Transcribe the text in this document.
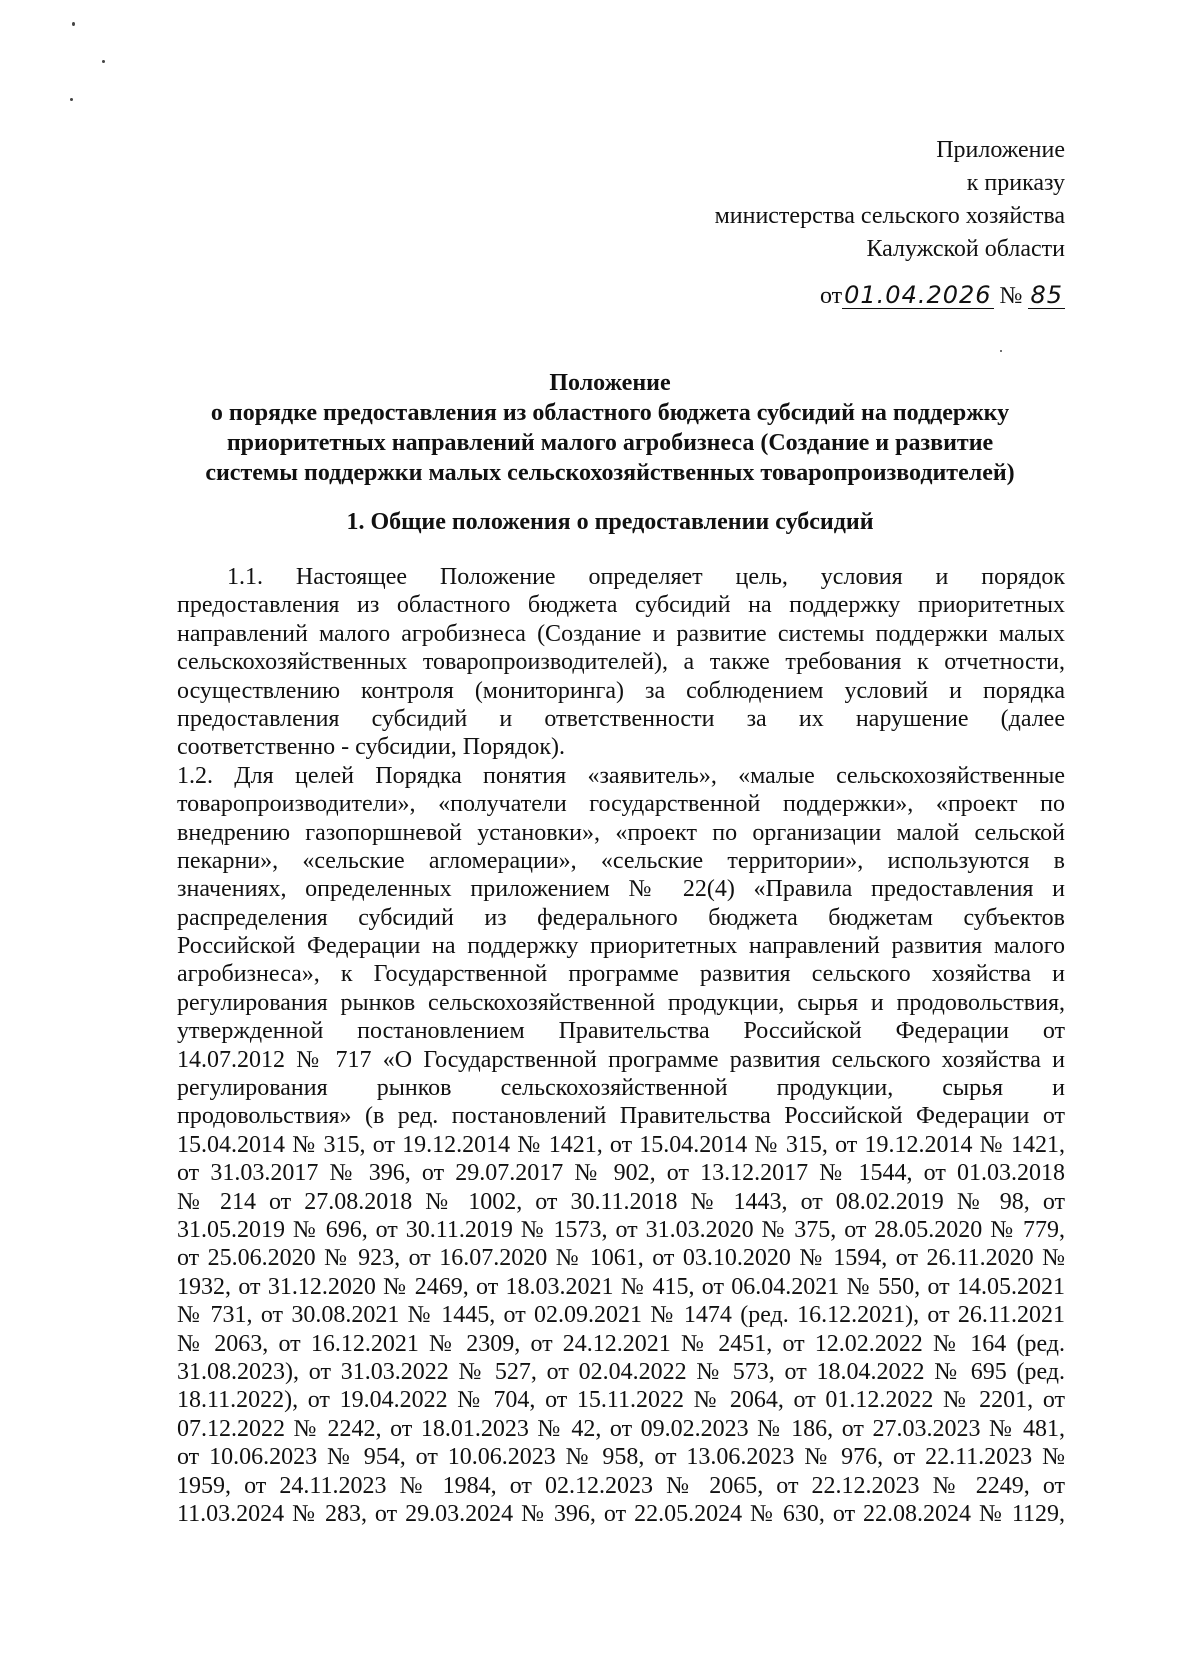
Приложение
к приказу
министерства сельского хозяйства
Калужской области
от01.04.2026 № 85
Положение
о порядке предоставления из областного бюджета субсидий на поддержку
приоритетных направлений малого агробизнеса (Создание и развитие
системы поддержки малых сельскохозяйственных товаропроизводителей)
1. Общие положения о предоставлении субсидий
1.1. Настоящее Положение определяет цель, условия и порядок
предоставления из областного бюджета субсидий на поддержку приоритетных
направлений малого агробизнеса (Создание и развитие системы поддержки малых
сельскохозяйственных товаропроизводителей), а также требования к отчетности,
осуществлению контроля (мониторинга) за соблюдением условий и порядка
предоставления субсидий и ответственности за их нарушение (далее
соответственно - субсидии, Порядок).
1.2. Для целей Порядка понятия «заявитель», «малые сельскохозяйственные
товаропроизводители», «получатели государственной поддержки», «проект по
внедрению газопоршневой установки», «проект по организации малой сельской
пекарни», «сельские агломерации», «сельские территории», используются в
значениях, определенных приложением № 22(4) «Правила предоставления и
распределения субсидий из федерального бюджета бюджетам субъектов
Российской Федерации на поддержку приоритетных направлений развития малого
агробизнеса», к Государственной программе развития сельского хозяйства и
регулирования рынков сельскохозяйственной продукции, сырья и продовольствия,
утвержденной постановлением Правительства Российской Федерации от
14.07.2012 № 717 «О Государственной программе развития сельского хозяйства и
регулирования рынков сельскохозяйственной продукции, сырья и
продовольствия» (в ред. постановлений Правительства Российской Федерации от
15.04.2014 № 315, от 19.12.2014 № 1421, от 15.04.2014 № 315, от 19.12.2014 № 1421,
от 31.03.2017 № 396, от 29.07.2017 № 902, от 13.12.2017 № 1544, от 01.03.2018
№ 214 от 27.08.2018 № 1002, от 30.11.2018 № 1443, от 08.02.2019 № 98, от
31.05.2019 № 696, от 30.11.2019 № 1573, от 31.03.2020 № 375, от 28.05.2020 № 779,
от 25.06.2020 № 923, от 16.07.2020 № 1061, от 03.10.2020 № 1594, от 26.11.2020 №
1932, от 31.12.2020 № 2469, от 18.03.2021 № 415, от 06.04.2021 № 550, от 14.05.2021
№ 731, от 30.08.2021 № 1445, от 02.09.2021 № 1474 (ред. 16.12.2021), от 26.11.2021
№ 2063, от 16.12.2021 № 2309, от 24.12.2021 № 2451, от 12.02.2022 № 164 (ред.
31.08.2023), от 31.03.2022 № 527, от 02.04.2022 № 573, от 18.04.2022 № 695 (ред.
18.11.2022), от 19.04.2022 № 704, от 15.11.2022 № 2064, от 01.12.2022 № 2201, от
07.12.2022 № 2242, от 18.01.2023 № 42, от 09.02.2023 № 186, от 27.03.2023 № 481,
от 10.06.2023 № 954, от 10.06.2023 № 958, от 13.06.2023 № 976, от 22.11.2023 №
1959, от 24.11.2023 № 1984, от 02.12.2023 № 2065, от 22.12.2023 № 2249, от
11.03.2024 № 283, от 29.03.2024 № 396, от 22.05.2024 № 630, от 22.08.2024 № 1129,
